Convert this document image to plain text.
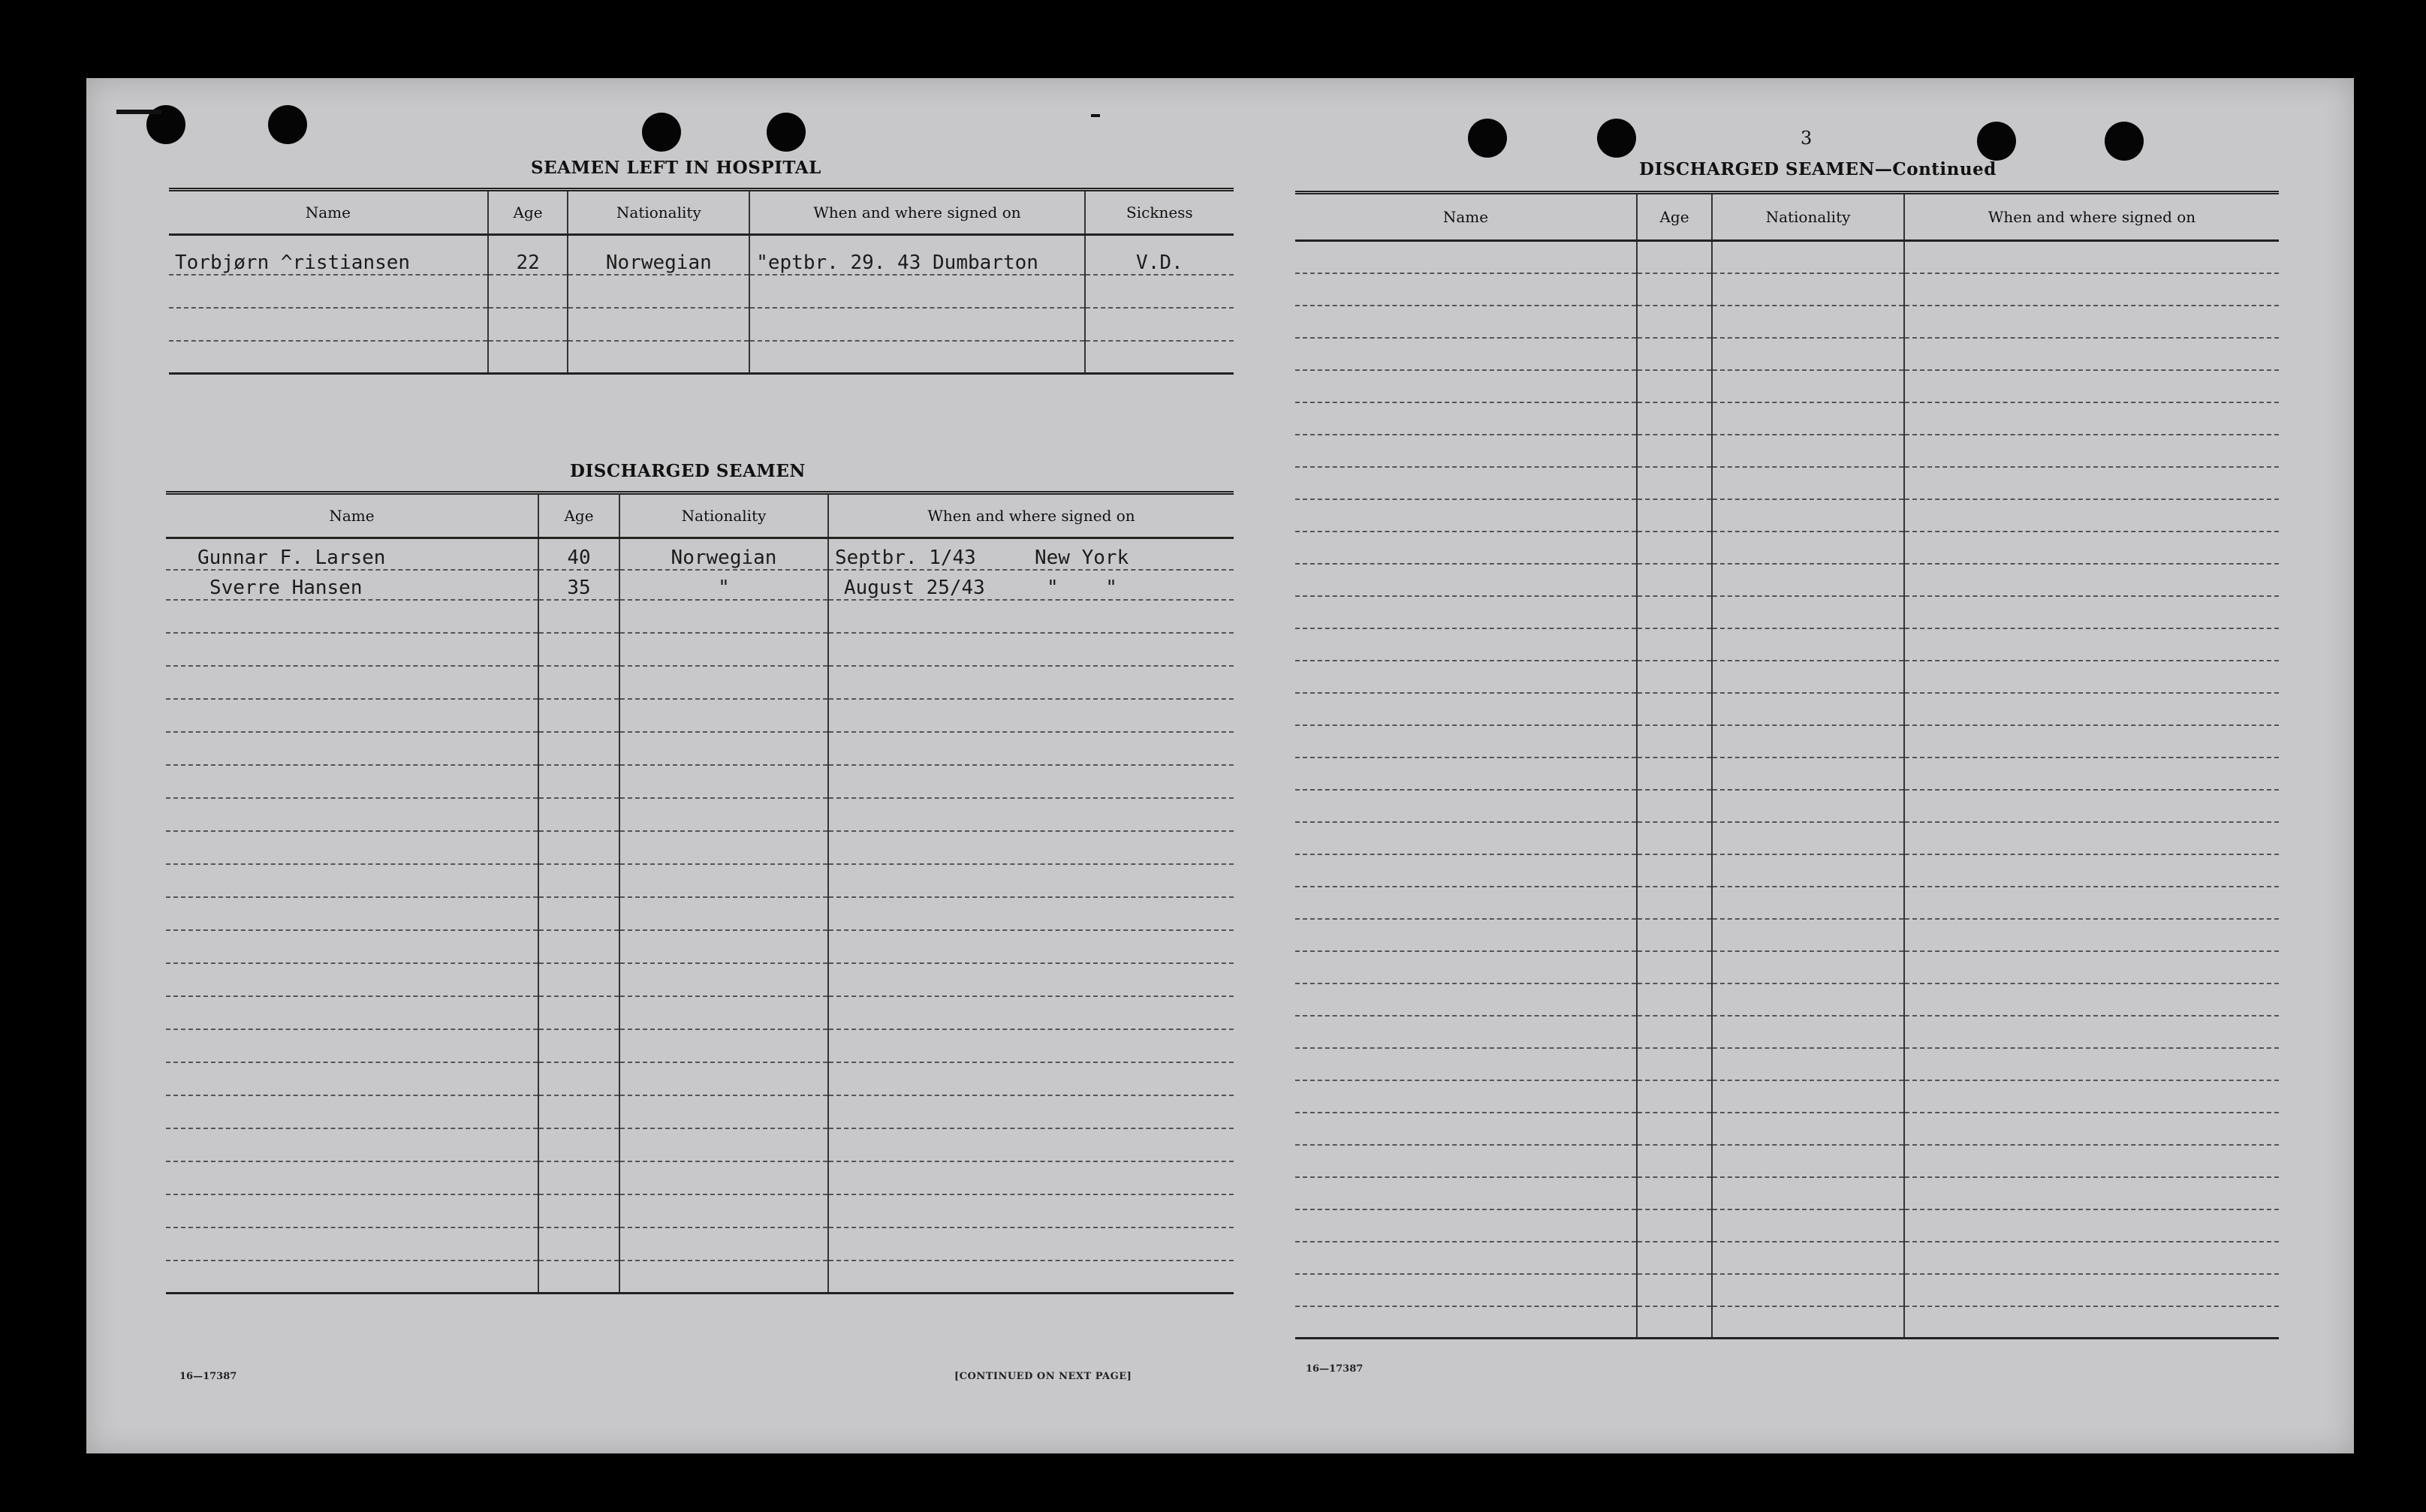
SEAMEN LEFT IN HOSPITAL
Name	Age	Nationality	When and where signed on	Sickness
Torbjørn ^ristiansen	22	Norwegian	"eptbr. 29. 43 Dumbarton	V.D.

DISCHARGED SEAMEN
Name	Age	Nationality	When and where signed on
Gunnar F. Larsen	40	Norwegian	Septbr. 1/43 New York
Sverre Hansen	35	"	August 25/43 "    "

16—17387	[CONTINUED ON NEXT PAGE]
3
DISCHARGED SEAMEN—Continued
Name	Age	Nationality	When and where signed on

16—17387
